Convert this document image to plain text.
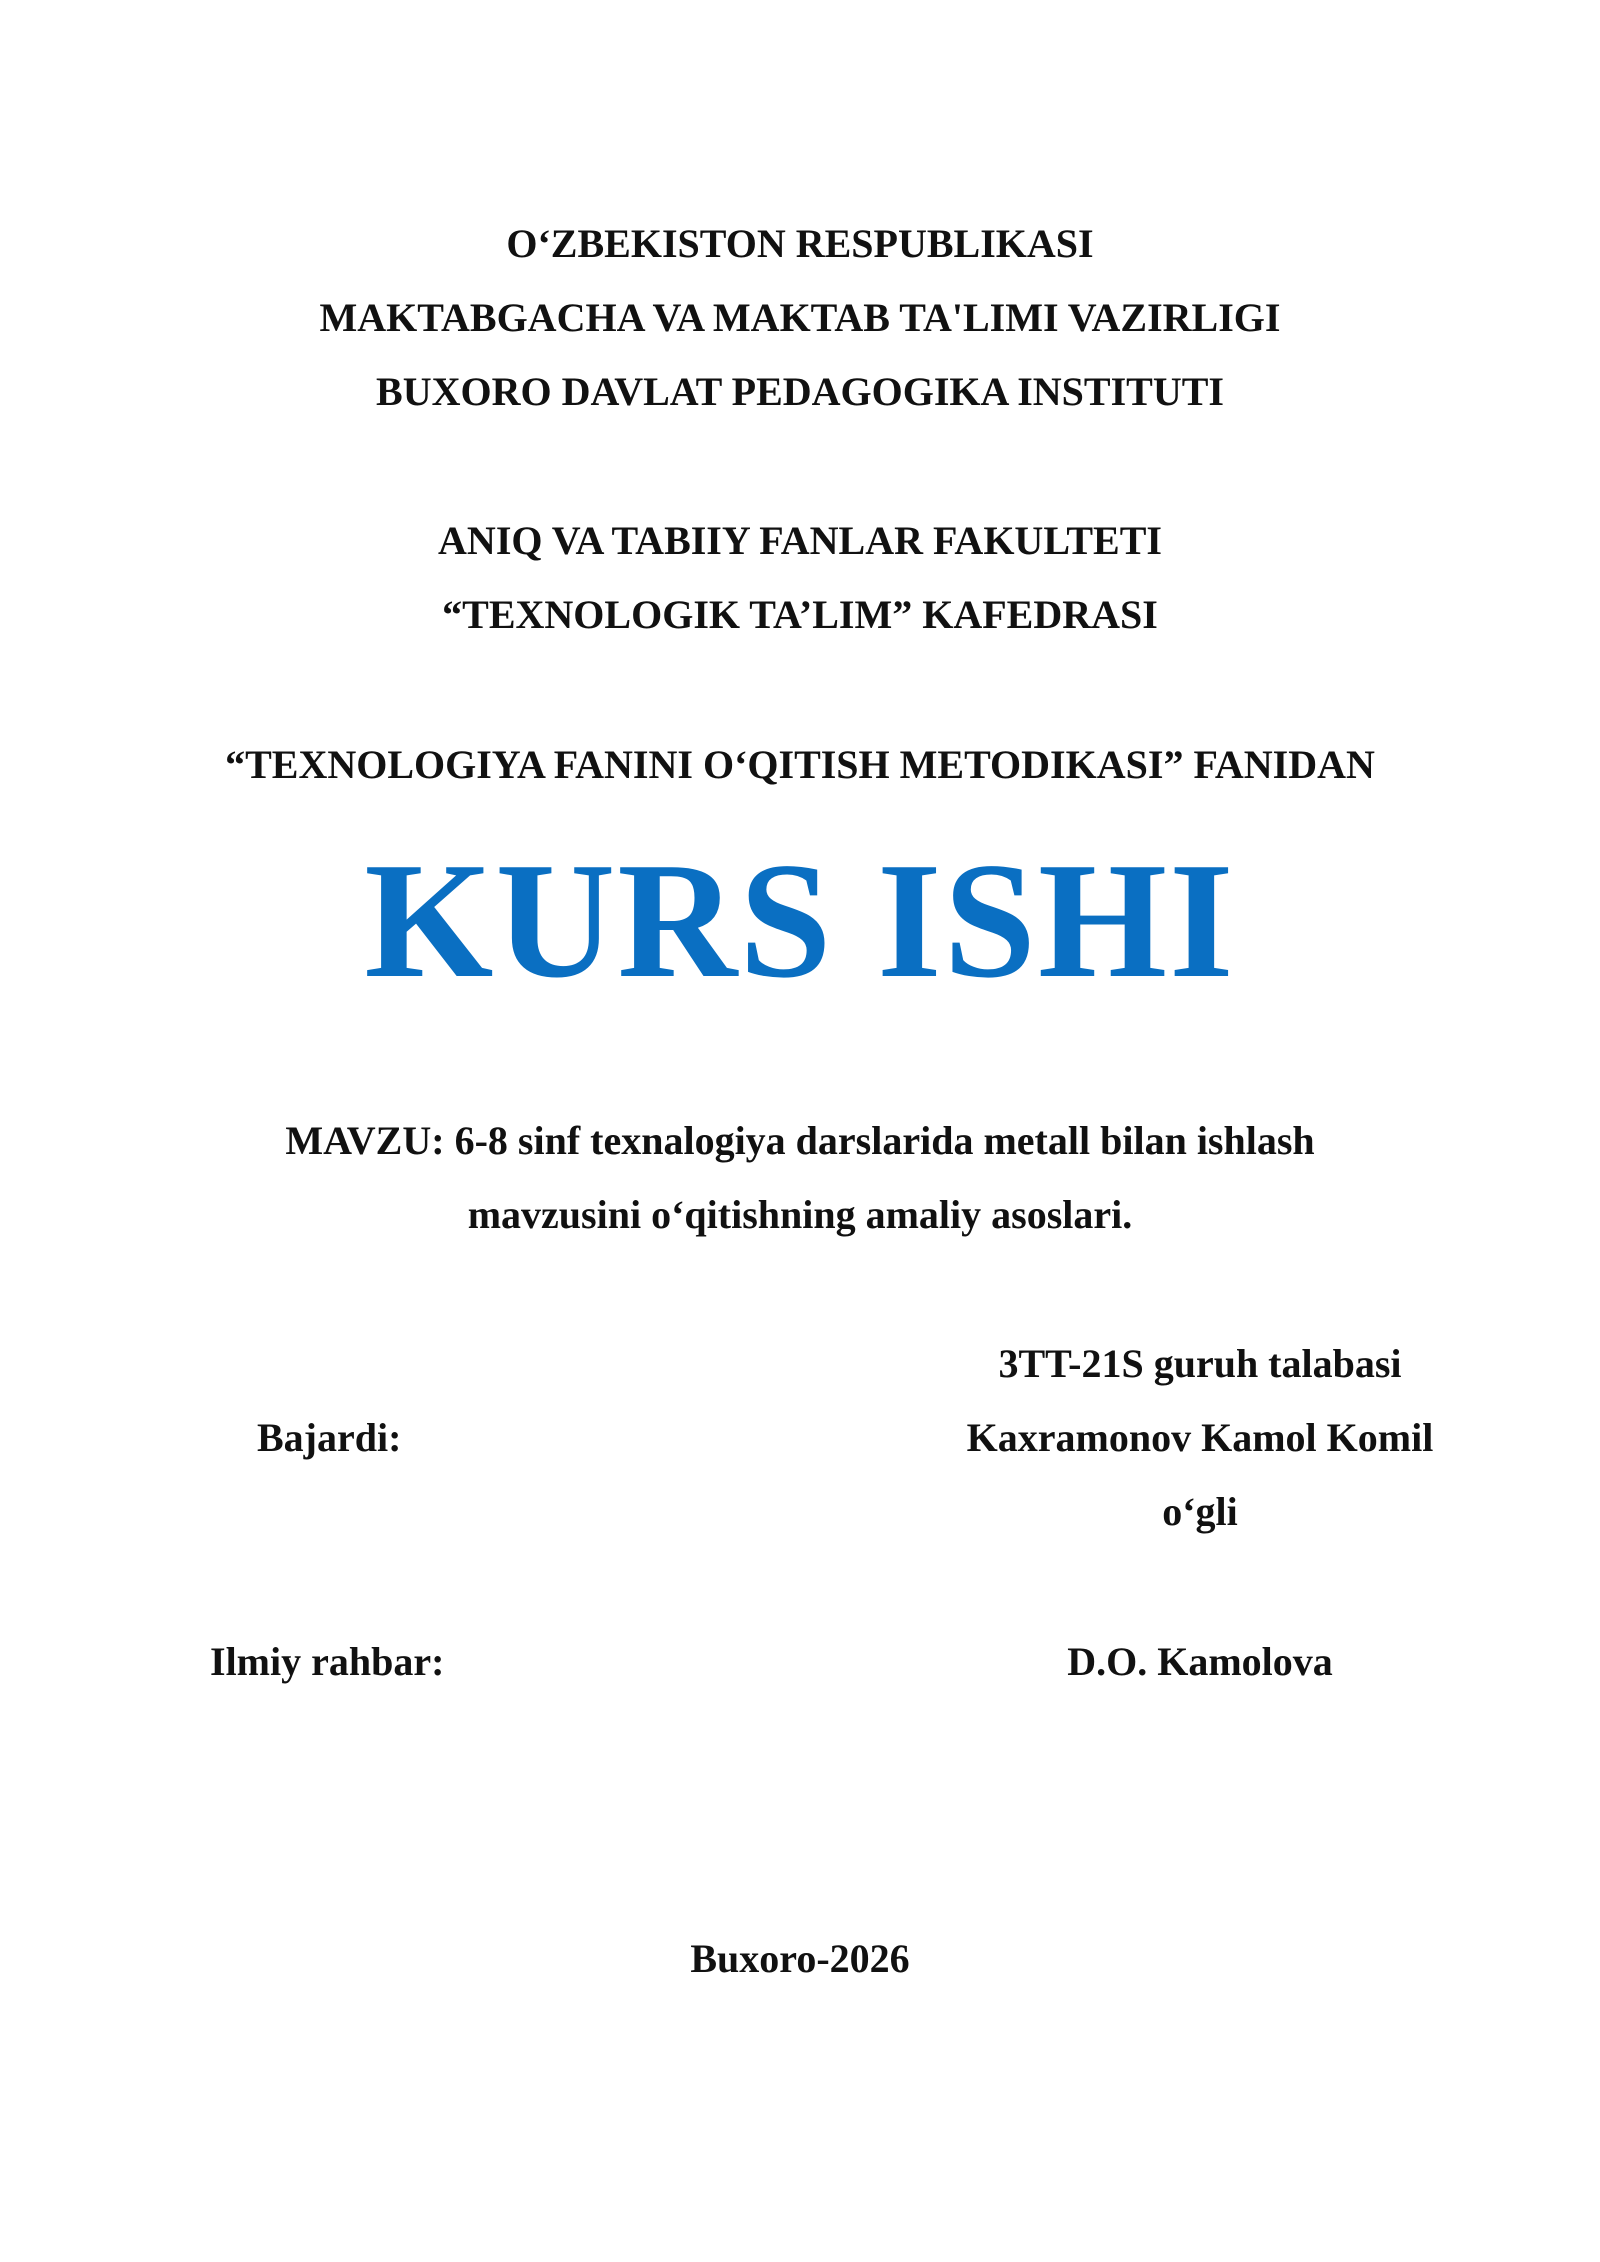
O‘ZBEKISTON RESPUBLIKASI
MAKTABGACHA VA MAKTAB TA'LIMI VAZIRLIGI
BUXORO DAVLAT PEDAGOGIKA INSTITUTI
ANIQ VA TABIIY FANLAR FAKULTETI
“TEXNOLOGIK TA’LIM” KAFEDRASI
“TEXNOLOGIYA FANINI O‘QITISH METODIKASI” FANIDAN
KURS ISHI
MAVZU: 6-8 sinf texnalogiya darslarida metall bilan ishlash
mavzusini o‘qitishning amaliy asoslari.
3TT-21S guruh talabasi
Bajardi:	Kaxramonov Kamol Komil
o‘gli
Ilmiy rahbar:	D.O. Kamolova
Buxoro-2026
